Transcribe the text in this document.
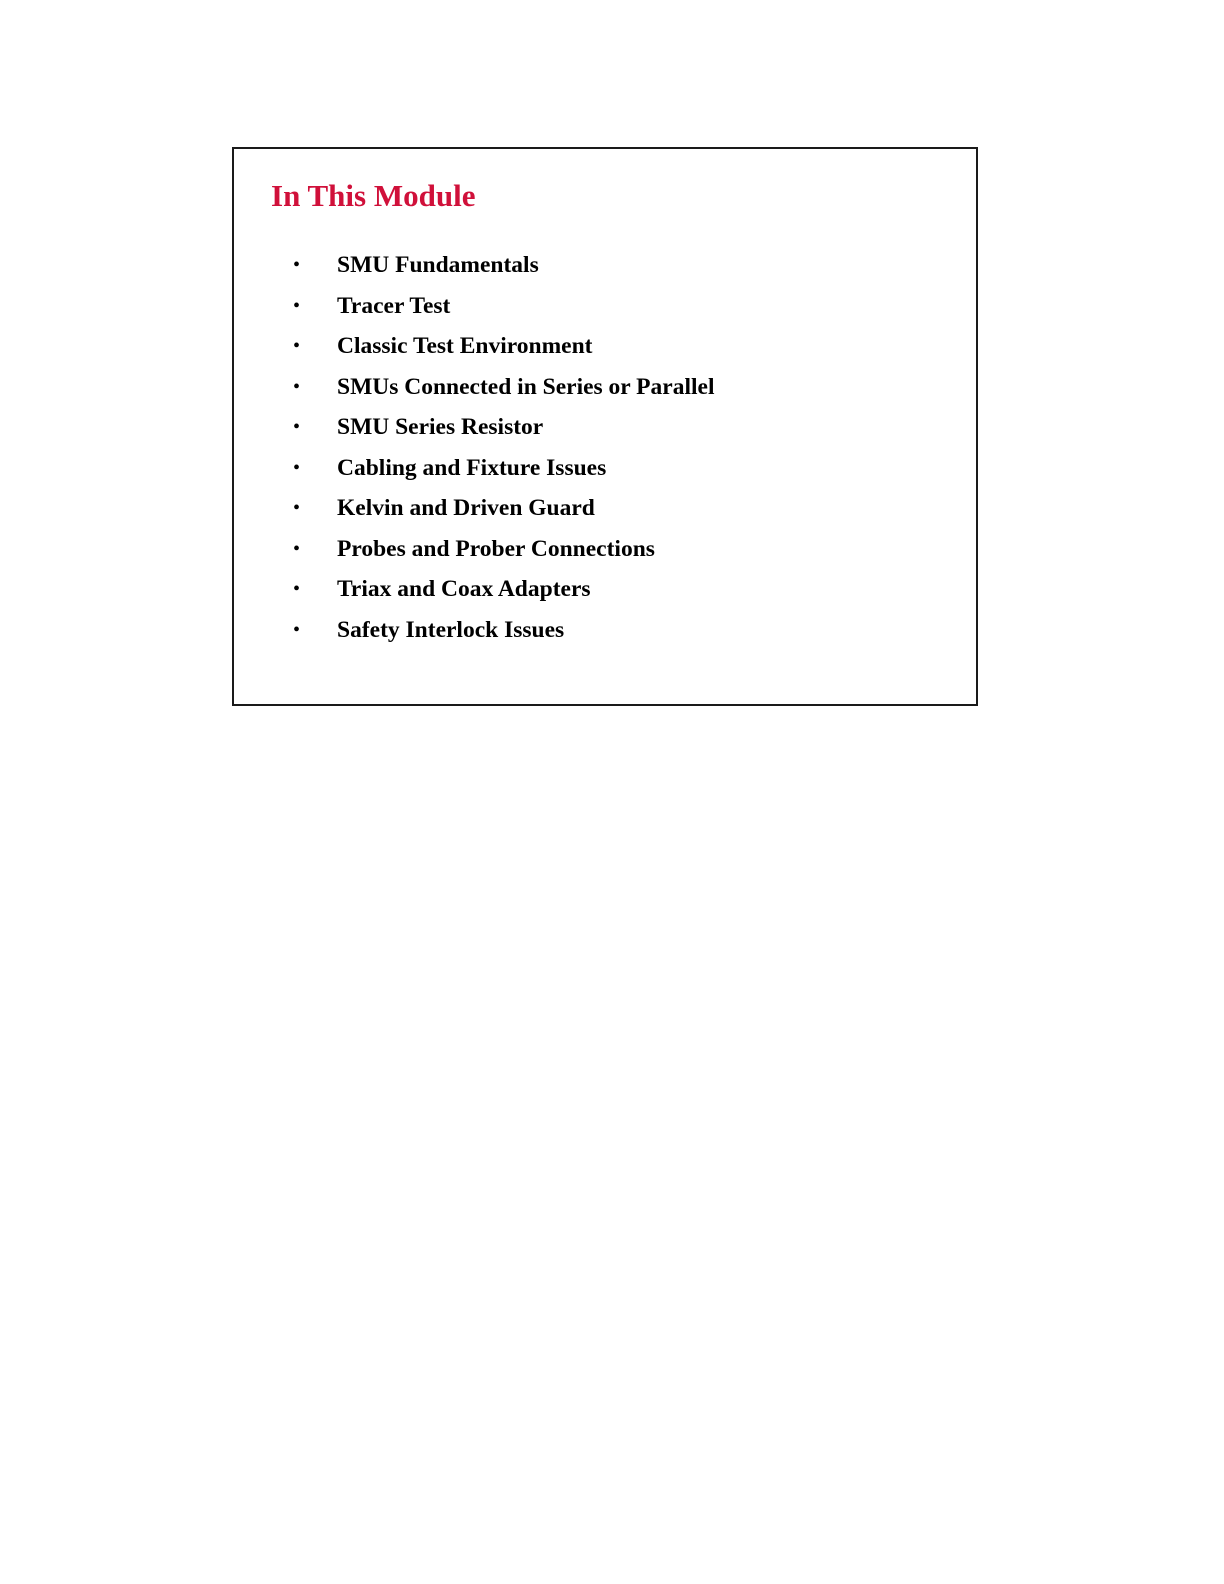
In This Module
• SMU Fundamentals
• Tracer Test
• Classic Test Environment
• SMUs Connected in Series or Parallel
• SMU Series Resistor
• Cabling and Fixture Issues
• Kelvin and Driven Guard
• Probes and Prober Connections
• Triax and Coax Adapters
• Safety Interlock Issues
